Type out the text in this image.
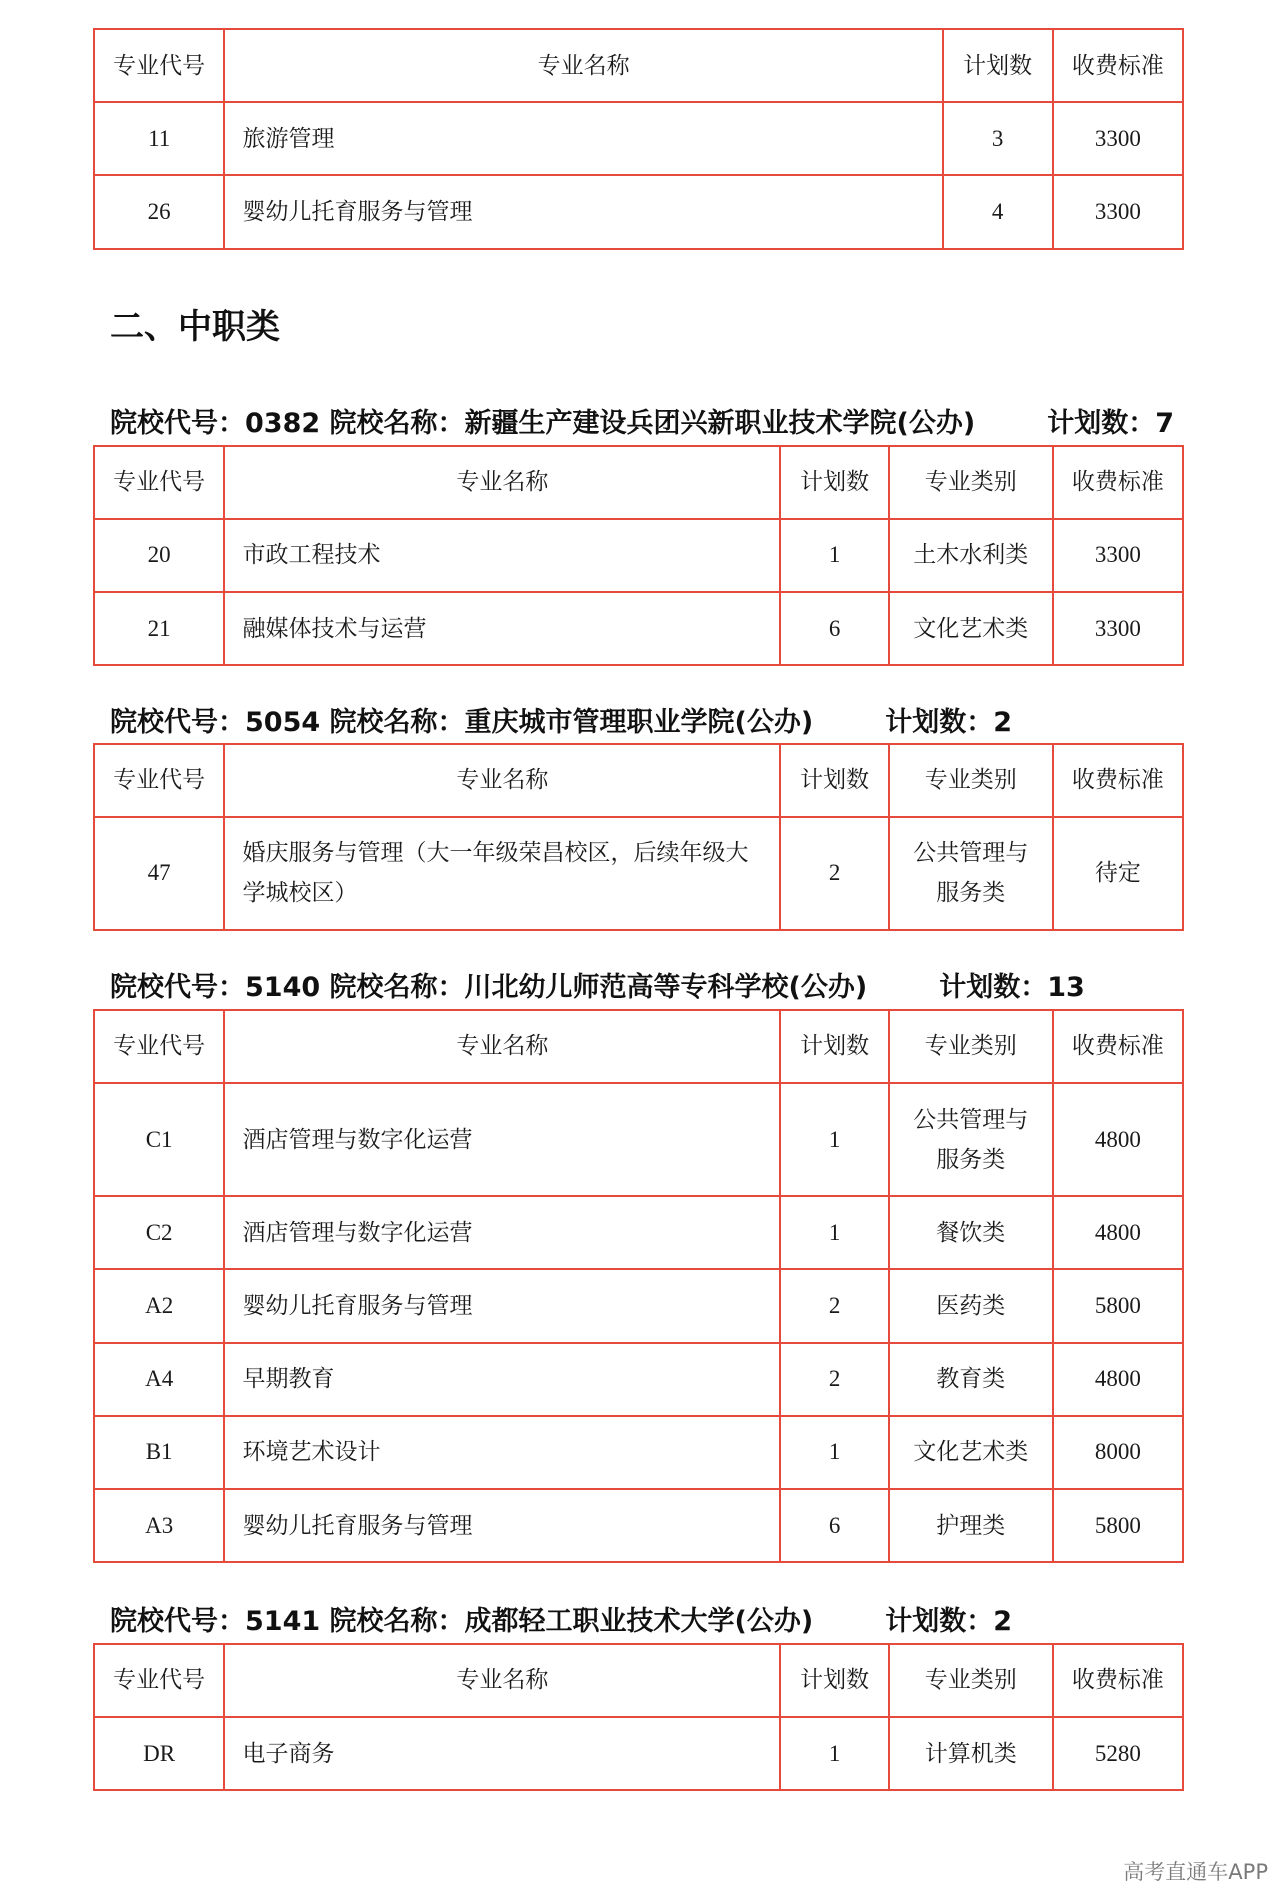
专业代号	专业名称	计划数	收费标准
11	旅游管理	3	3300
26	婴幼儿托育服务与管理	4	3300
二、中职类
院校代号：0382 院校名称：新疆生产建设兵团兴新职业技术学院(公办)	计划数：7
专业代号	专业名称	计划数	专业类别	收费标准
20	市政工程技术	1	土木水利类	3300
21	融媒体技术与运营	6	文化艺术类	3300
院校代号：5054 院校名称：重庆城市管理职业学院(公办)	计划数：2
专业代号	专业名称	计划数	专业类别	收费标准
47	婚庆服务与管理（大一年级荣昌校区，后续年级大学城校区）	2	公共管理与服务类	待定
院校代号：5140 院校名称：川北幼儿师范高等专科学校(公办)	计划数：13
专业代号	专业名称	计划数	专业类别	收费标准
C1	酒店管理与数字化运营	1	公共管理与服务类	4800
C2	酒店管理与数字化运营	1	餐饮类	4800
A2	婴幼儿托育服务与管理	2	医药类	5800
A4	早期教育	2	教育类	4800
B1	环境艺术设计	1	文化艺术类	8000
A3	婴幼儿托育服务与管理	6	护理类	5800
院校代号：5141 院校名称：成都轻工职业技术大学(公办)	计划数：2
专业代号	专业名称	计划数	专业类别	收费标准
DR	电子商务	1	计算机类	5280
高考直通车APP
